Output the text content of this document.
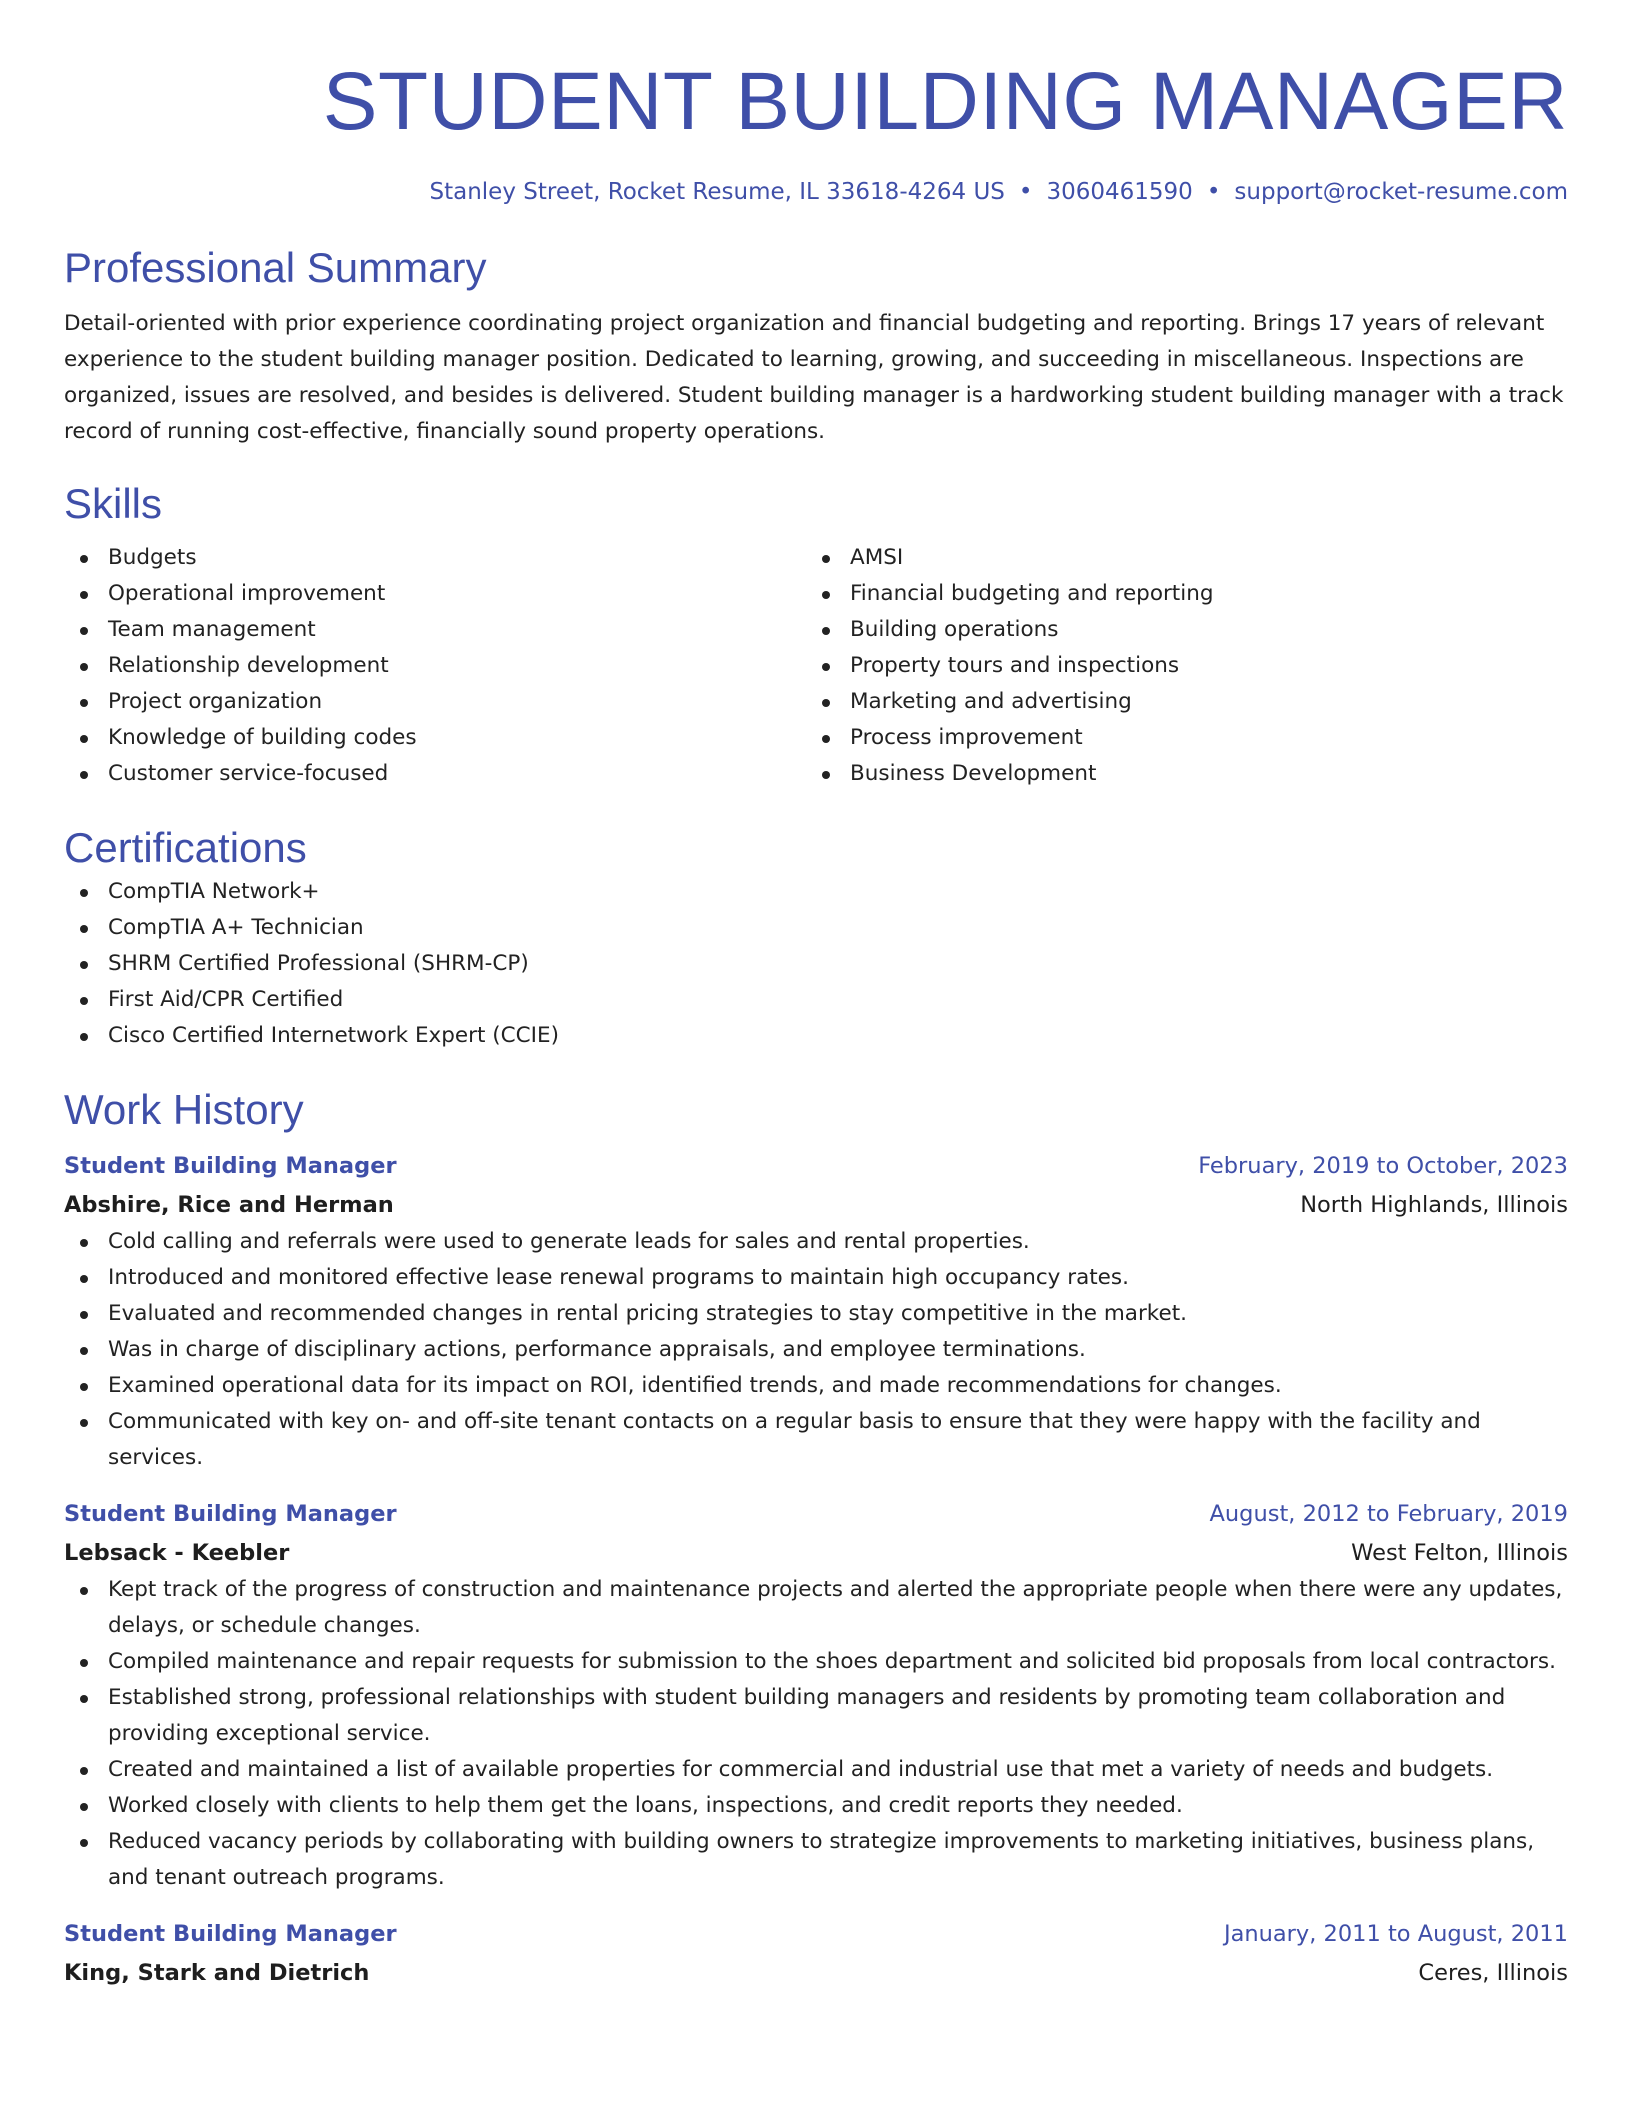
STUDENT BUILDING MANAGER
Stanley Street, Rocket Resume, IL 33618-4264 US • 3060461590 • support@rocket-resume.com
Professional Summary

Detail-oriented with prior experience coordinating project organization and financial budgeting and reporting. Brings 17 years of relevant experience to the student building manager position. Dedicated to learning, growing, and succeeding in miscellaneous. Inspections are organized, issues are resolved, and besides is delivered. Student building manager is a hardworking student building manager with a track record of running cost-effective, financially sound property operations.

Skills
Budgets
Operational improvement
Team management
Relationship development
Project organization
Knowledge of building codes
Customer service-focused
AMSI
Financial budgeting and reporting
Building operations
Property tours and inspections
Marketing and advertising
Process improvement
Business Development
Certifications
CompTIA Network+
CompTIA A+ Technician
SHRM Certified Professional (SHRM-CP)
First Aid/CPR Certified
Cisco Certified Internetwork Expert (CCIE)
Work History
Student Building Manager	February, 2019 to October, 2023
Abshire, Rice and Herman	North Highlands, Illinois
Cold calling and referrals were used to generate leads for sales and rental properties.
Introduced and monitored effective lease renewal programs to maintain high occupancy rates.
Evaluated and recommended changes in rental pricing strategies to stay competitive in the market.
Was in charge of disciplinary actions, performance appraisals, and employee terminations.
Examined operational data for its impact on ROI, identified trends, and made recommendations for changes.
Communicated with key on- and off-site tenant contacts on a regular basis to ensure that they were happy with the facility and services.
Student Building Manager	August, 2012 to February, 2019
Lebsack - Keebler	West Felton, Illinois
Kept track of the progress of construction and maintenance projects and alerted the appropriate people when there were any updates, delays, or schedule changes.
Compiled maintenance and repair requests for submission to the shoes department and solicited bid proposals from local contractors.
Established strong, professional relationships with student building managers and residents by promoting team collaboration and providing exceptional service.
Created and maintained a list of available properties for commercial and industrial use that met a variety of needs and budgets.
Worked closely with clients to help them get the loans, inspections, and credit reports they needed.
Reduced vacancy periods by collaborating with building owners to strategize improvements to marketing initiatives, business plans, and tenant outreach programs.
Student Building Manager	January, 2011 to August, 2011
King, Stark and Dietrich	Ceres, Illinois
